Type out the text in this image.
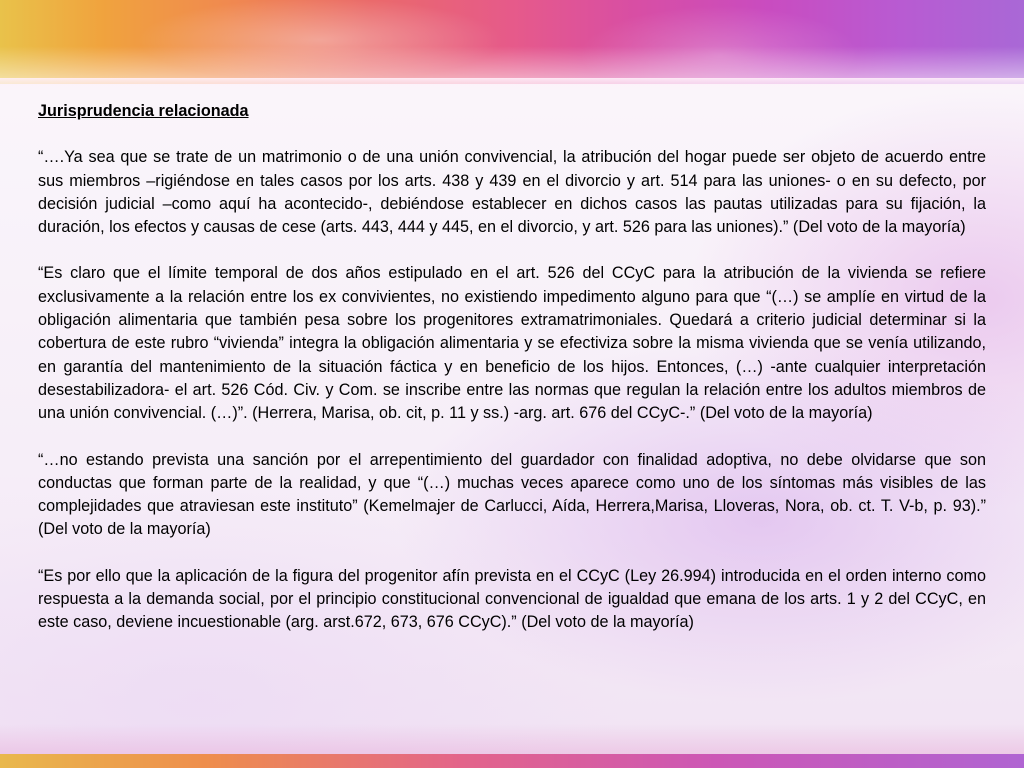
Jurisprudencia relacionada

“….Ya sea que se trate de un matrimonio o de una unión convivencial, la atribución del hogar puede ser objeto de acuerdo entre sus miembros –rigiéndose en tales casos por los arts. 438 y 439 en el divorcio y art. 514 para las uniones- o en su defecto, por decisión judicial –como aquí ha acontecido-, debiéndose establecer en dichos casos las pautas utilizadas para su fijación, la duración, los efectos y causas de cese (arts. 443, 444 y 445, en el divorcio, y art. 526 para las uniones).” (Del voto de la mayoría)

“Es claro que el límite temporal de dos años estipulado en el art. 526 del CCyC para la atribución de la vivienda se refiere exclusivamente a la relación entre los ex convivientes, no existiendo impedimento alguno para que “(…) se amplíe en virtud de la obligación alimentaria que también pesa sobre los progenitores extramatrimoniales. Quedará a criterio judicial determinar si la cobertura de este rubro “vivienda” integra la obligación alimentaria y se efectiviza sobre la misma vivienda que se venía utilizando, en garantía del mantenimiento de la situación fáctica y en beneficio de los hijos. Entonces, (…) -ante cualquier interpretación desestabilizadora- el art. 526 Cód. Civ. y Com. se inscribe entre las normas que regulan la relación entre los adultos miembros de una unión convivencial. (…)”. (Herrera, Marisa, ob. cit, p. 11 y ss.) -arg. art. 676 del CCyC-.” (Del voto de la mayoría)

“…no estando prevista una sanción por el arrepentimiento del guardador con finalidad adoptiva, no debe olvidarse que son conductas que forman parte de la realidad, y que “(…) muchas veces aparece como uno de los síntomas más visibles de las complejidades que atraviesan este instituto” (Kemelmajer de Carlucci, Aída, Herrera,Marisa, Lloveras, Nora, ob. ct. T. V-b, p. 93).” (Del voto de la mayoría)

“Es por ello que la aplicación de la figura del progenitor afín prevista en el CCyC (Ley 26.994) introducida en el orden interno como respuesta a la demanda social, por el principio constitucional convencional de igualdad que emana de los arts. 1 y 2 del CCyC, en este caso, deviene incuestionable (arg. arst.672, 673, 676 CCyC).” (Del voto de la mayoría)
